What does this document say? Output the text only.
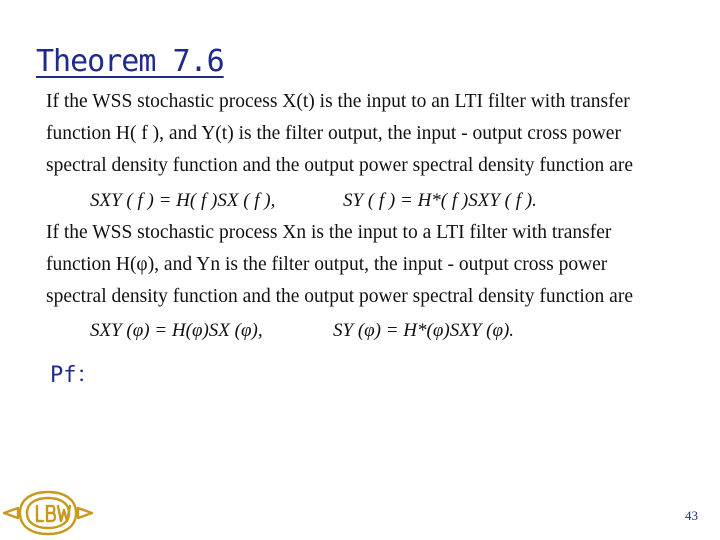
Theorem 7.6
If the WSS stochastic process X(t) is the input to an LTI filter with transfer
function H( f ), and Y(t) is the filter output, the input - output cross power
spectral density function and the output power spectral density function are
SXY ( f ) = H( f )SX ( f ),	SY ( f ) = H*( f )SXY ( f ).
If the WSS stochastic process Xn is the input to a LTI filter with transfer
function H(φ), and Yn is the filter output, the input - output cross power
spectral density function and the output power spectral density function are
SXY (φ) = H(φ)SX (φ),	SY (φ) = H*(φ)SXY (φ).
Pf：
43
